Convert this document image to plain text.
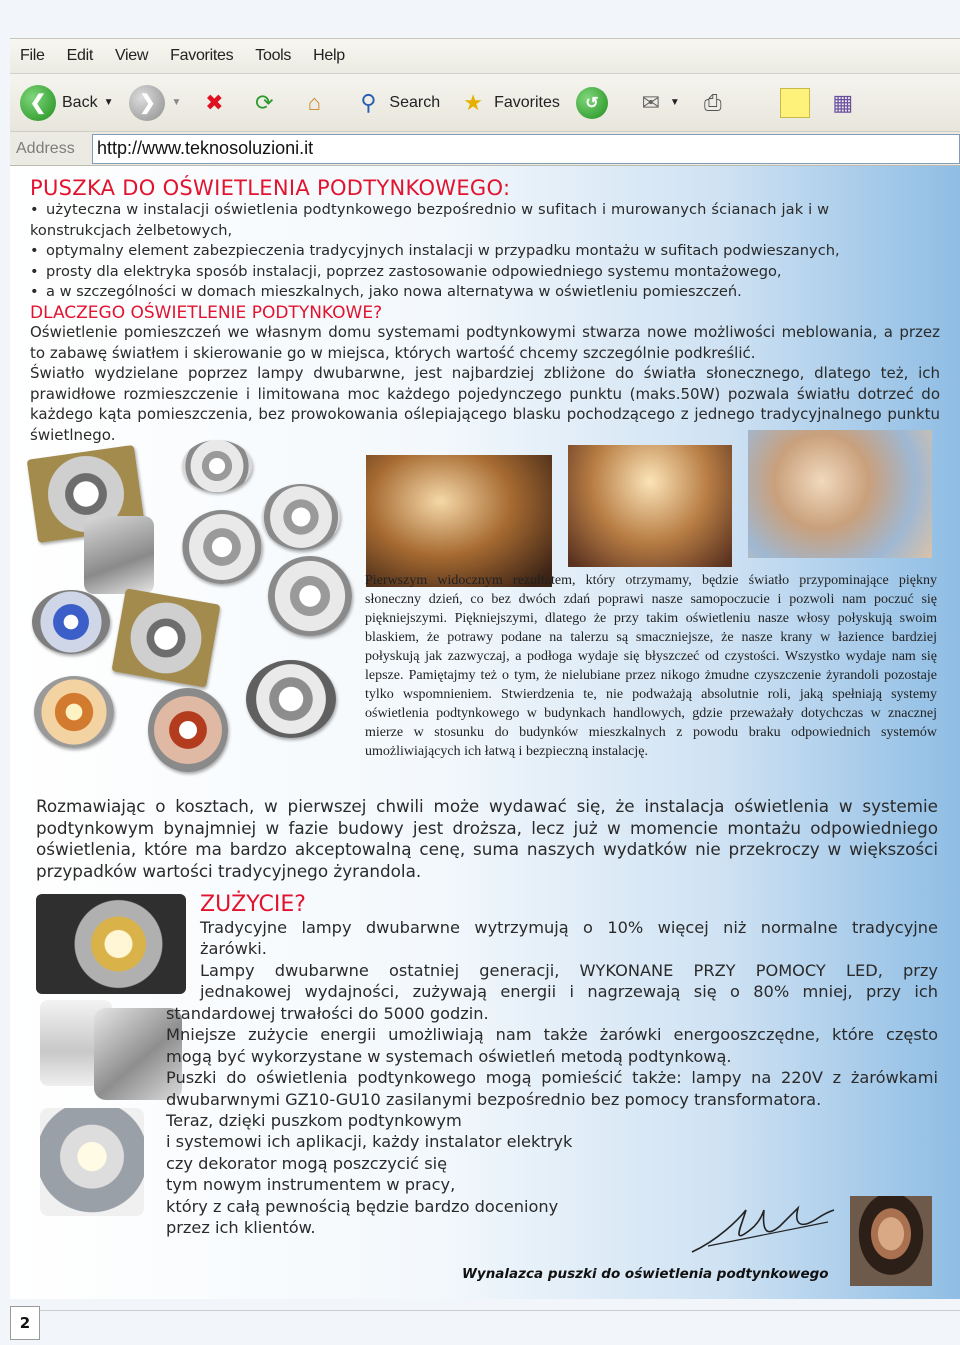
File Edit View Favorites Tools Help
❮ Back ▼	❯	▼	✖	⟳	⌂	⚲ Search	★ Favorites	↺	✉ ▼	⎙	▦
Address	http://www.teknosoluzioni.it
PUSZKA DO OŚWIETLENIA PODTYNKOWEGO:
• użyteczna w instalacji oświetlenia podtynkowego bezpośrednio w sufitach i murowanych ścianach jak i w
konstrukcjach żelbetowych,
• optymalny element zabezpieczenia tradycyjnych instalacji w przypadku montażu w sufitach podwieszanych,
• prosty dla elektryka sposób instalacji, poprzez zastosowanie odpowiedniego systemu montażowego,
• a w szczególności w domach mieszkalnych, jako nowa alternatywa w oświetleniu pomieszczeń.
DLACZEGO OŚWIETLENIE PODTYNKOWE?

Oświetlenie pomieszczeń we własnym domu systemami podtynkowymi stwarza nowe możliwości meblowania, a przez to zabawę światłem i skierowanie go w miejsca, których wartość chcemy szczególnie podkreślić.

Światło wydzielane poprzez lampy dwubarwne, jest najbardziej zbliżone do światła słonecznego, dlatego też, ich prawidłowe rozmieszczenie i limitowana moc każdego pojedynczego punktu (maks.50W) pozwala światłu dotrzeć do każdego kąta pomieszczenia, bez prowokowania oślepiającego blasku pochodzącego z jednego tradycyjnalnego punktu świetlnego.

Pierwszym widocznym rezultatem, który otrzymamy, będzie światło przypominające piękny słoneczny dzień, co bez dwóch zdań poprawi nasze samopoczucie i pozwoli nam poczuć się piękniejszymi. Piękniejszymi, dlatego że przy takim oświetleniu nasze włosy połyskują swoim blaskiem, że potrawy podane na talerzu są smaczniejsze, że nasze krany w łazience bardziej połyskują jak zazwyczaj, a podłoga wydaje się błyszczeć od czystości. Wszystko wydaje nam się lepsze. Pamiętajmy też o tym, że nielubiane przez nikogo żmudne czyszczenie żyrandoli pozostaje tylko wspomnieniem. Stwierdzenia te, nie podważają absolutnie roli, jaką spełniają systemy oświetlenia podtynkowego w budynkach handlowych, gdzie przeważały dotychczas w znacznej mierze w stosunku do budynków mieszkalnych z powodu braku odpowiednich systemów umożliwiających ich łatwą i bezpieczną instalację.
Rozmawiając o kosztach, w pierwszej chwili może wydawać się, że instalacja oświetlenia w systemie podtynkowym bynajmniej w fazie budowy jest droższa, lecz już w momencie montażu odpowiedniego oświetlenia, które ma bardzo akceptowalną cenę, suma naszych wydatków nie przekroczy w większości przypadków wartości tradycyjnego żyrandola.
ZUŻYCIE?
Tradycyjne lampy dwubarwne wytrzymują o 10% więcej niż normalne tradycyjne
żarówki.
Lampy dwubarwne ostatniej generacji, WYKONANE PRZY POMOCY LED, przy
jednakowej wydajności, zużywają energii i nagrzewają się o 80% mniej, przy ich
standardowej trwałości do 5000 godzin.
Mniejsze zużycie energii umożliwiają nam także żarówki energooszczędne, które często
mogą być wykorzystane w systemach oświetleń metodą podtynkową.
Puszki do oświetlenia podtynkowego mogą pomieścić także: lampy na 220V z żarówkami
dwubarwnymi GZ10-GU10 zasilanymi bezpośrednio bez pomocy transformatora.
Teraz, dzięki puszkom podtynkowym
i systemowi ich aplikacji, każdy instalator elektryk
czy dekorator mogą poszczycić się
tym nowym instrumentem w pracy,
który z całą pewnością będzie bardzo doceniony
przez ich klientów.
Wynalazca puszki do oświetlenia podtynkowego
2
